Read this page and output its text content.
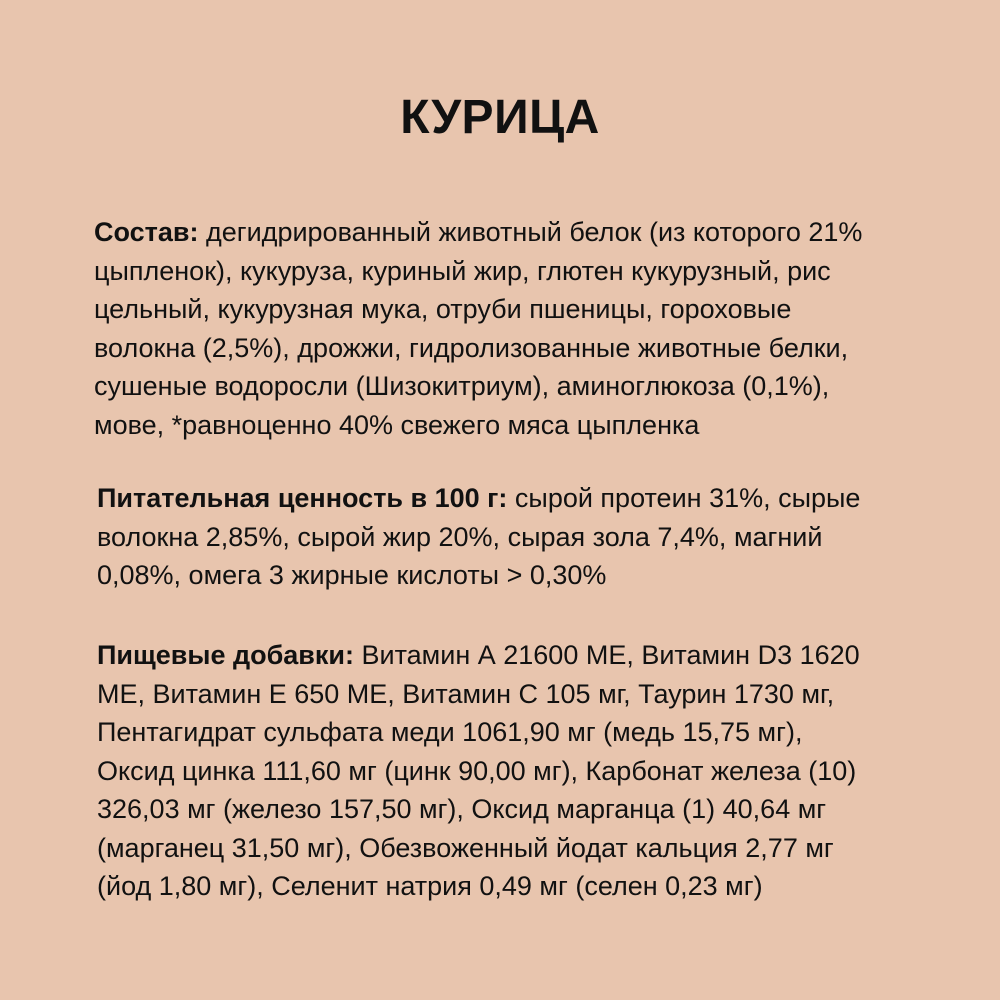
КУРИЦА
Состав: дегидрированный животный белок (из которого 21%
цыпленок), кукуруза, куриный жир, глютен кукурузный, рис
цельный, кукурузная мука, отруби пшеницы, гороховые
волокна (2,5%), дрожжи, гидролизованные животные белки,
сушеные водоросли (Шизокитриум), аминоглюкоза (0,1%),
мове, *равноценно 40% свежего мяса цыпленка
Питательная ценность в 100 г: сырой протеин 31%, сырые
волокна 2,85%, сырой жир 20%, сырая зола 7,4%, магний
0,08%, омега 3 жирные кислоты > 0,30%
Пищевые добавки: Витамин А 21600 МЕ, Витамин D3 1620
МЕ, Витамин Е 650 МЕ, Витамин С 105 мг, Таурин 1730 мг,
Пентагидрат сульфата меди 1061,90 мг (медь 15,75 мг),
Оксид цинка 111,60 мг (цинк 90,00 мг), Карбонат железа (10)
326,03 мг (железо 157,50 мг), Оксид марганца (1) 40,64 мг
(марганец 31,50 мг), Обезвоженный йодат кальция 2,77 мг
(йод 1,80 мг), Селенит натрия 0,49 мг (селен 0,23 мг)
